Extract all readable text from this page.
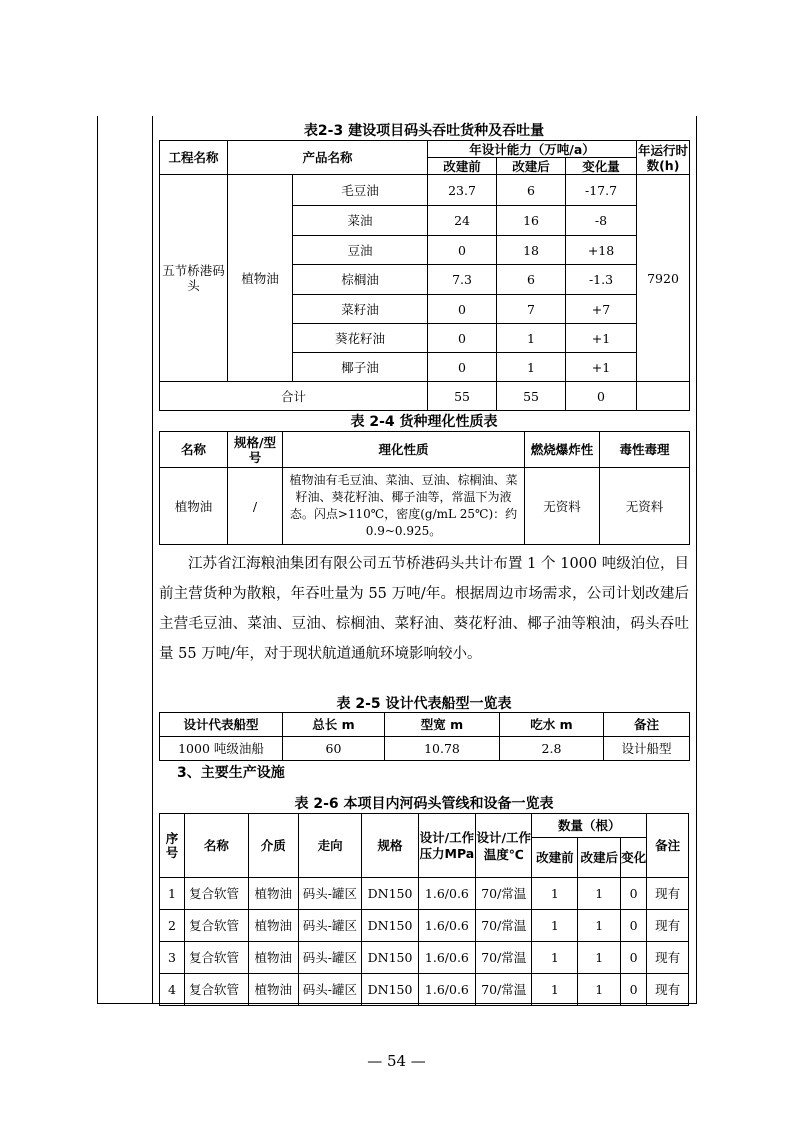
表2-3 建设项目码头吞吐货种及吞吐量
工程名称	产品名称		年设计能力（万吨/a）			年运行时数(h)
			改建前	改建后	变化量	
五节桥港码头	植物油	毛豆油	23.7	6	-17.7	7920
		菜油	24	16	-8	
		豆油	0	18	+18	
		棕榈油	7.3	6	-1.3	
		菜籽油	0	7	+7	
		葵花籽油	0	1	+1	
		椰子油	0	1	+1	
合计			55	55	0	
表 2-4 货种理化性质表
名称	规格/型号	理化性质	燃烧爆炸性	毒性毒理
植物油	/	植物油有毛豆油、菜油、豆油、棕榈油、菜籽油、葵花籽油、椰子油等，常温下为液态。闪点>110℃，密度(g/mL 25℃)：约 0.9~0.925。	无资料	无资料

江苏省江海粮油集团有限公司五节桥港码头共计布置 1 个 1000 吨级泊位，目前主营货种为散粮，年吞吐量为 55 万吨/年。根据周边市场需求，公司计划改建后主营毛豆油、菜油、豆油、棕榈油、菜籽油、葵花籽油、椰子油等粮油，码头吞吐量 55 万吨/年，对于现状航道通航环境影响较小。

表 2-5 设计代表船型一览表
设计代表船型	总长 m	型宽 m	吃水 m	备注
1000 吨级油船	60	10.78	2.8	设计船型
3、主要生产设施
表 2-6 本项目内河码头管线和设备一览表
序号	名称	介质	走向	规格	设计/工作压力MPa	设计/工作温度℃	数量（根）			备注
							改建前	改建后	变化	
1	复合软管	植物油	码头-罐区	DN150	1.6/0.6	70/常温	1	1	0	现有
2	复合软管	植物油	码头-罐区	DN150	1.6/0.6	70/常温	1	1	0	现有
3	复合软管	植物油	码头-罐区	DN150	1.6/0.6	70/常温	1	1	0	现有
4	复合软管	植物油	码头-罐区	DN150	1.6/0.6	70/常温	1	1	0	现有
— 54 —
